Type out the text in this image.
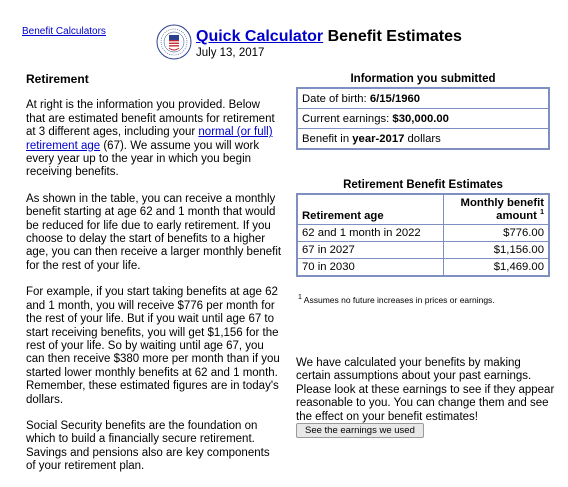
Benefit Calculators	Quick Calculator Benefit Estimates
July 13, 2017
Retirement

At right is the information you provided. Below that are estimated benefit amounts for retirement at 3 different ages, including your normal (or full) retirement age (67). We assume you will work every year up to the year in which you begin receiving benefits.

As shown in the table, you can receive a monthly benefit starting at age 62 and 1 month that would be reduced for life due to early retirement. If you choose to delay the start of benefits to a higher age, you can then receive a larger monthly benefit for the rest of your life.

For example, if you start taking benefits at age 62 and 1 month, you will receive $776 per month for the rest of your life. But if you wait until age 67 to start receiving benefits, you will get $1,156 for the rest of your life. So by waiting until age 67, you can then receive $380 more per month than if you started lower monthly benefits at 62 and 1 month. Remember, these estimated figures are in today's dollars.

Social Security benefits are the foundation on which to build a financially secure retirement. Savings and pensions also are key components of your retirement plan.

Information you submitted
Date of birth: 6/15/1960
Current earnings: $30,000.00
Benefit in year-2017 dollars
Retirement Benefit Estimates
Retirement age	Monthly benefit amount $^1$
62 and 1 month in 2022	$776.00
67 in 2027	$1,156.00
70 in 2030	$1,469.00
$^1$ Assumes no future increases in prices or earnings.
We have calculated your benefits by making certain assumptions about your past earnings. Please look at these earnings to see if they appear reasonable to you. You can change them and see the effect on your benefit estimates!
See the earnings we used
